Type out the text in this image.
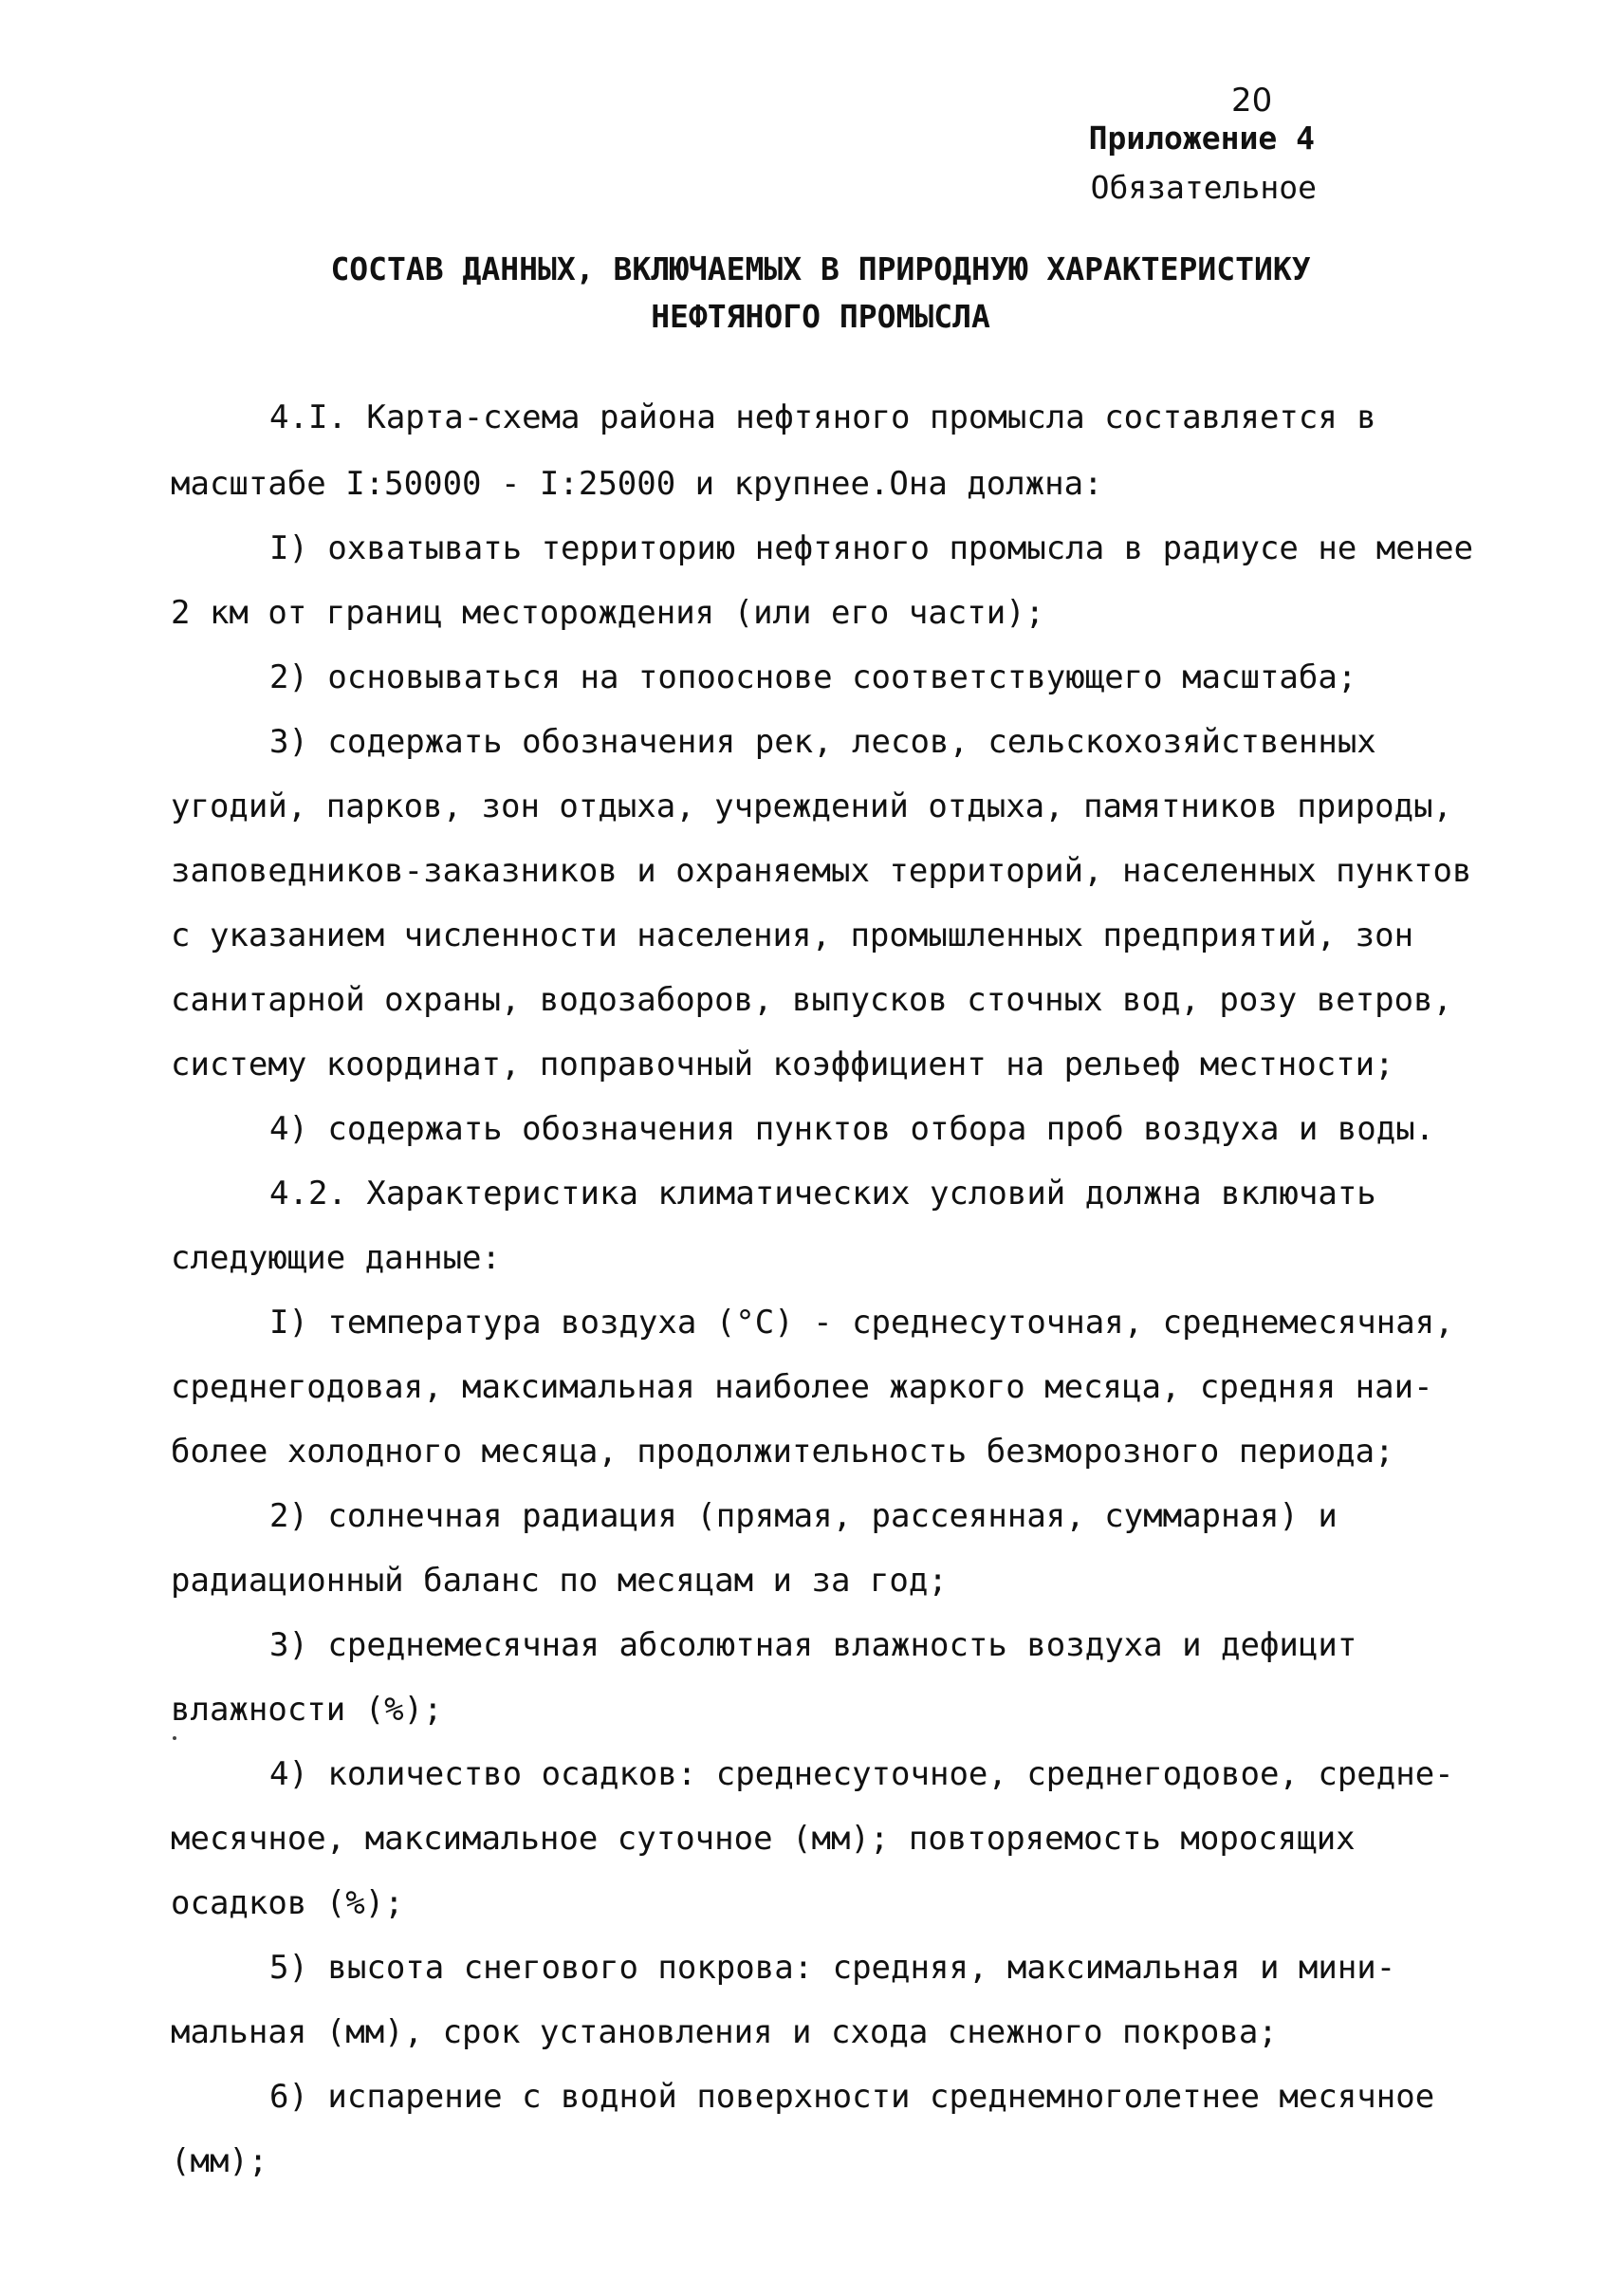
20
Приложение 4
Обязательное
СОСТАВ ДАННЫХ, ВКЛЮЧАЕМЫХ В ПРИРОДНУЮ ХАРАКТЕРИСТИКУ
НЕФТЯНОГО ПРОМЫСЛА
4.I. Карта-схема района нефтяного промысла составляется в
масштабе I:50000 - I:25000 и крупнее.Она должна:
I) охватывать территорию нефтяного промысла в радиусе не менее
2 км от границ месторождения (или его части);
2) основываться на топооснове соответствующего масштаба;
3) содержать обозначения рек, лесов, сельскохозяйственных
угодий, парков, зон отдыха, учреждений отдыха, памятников природы,
заповедников-заказников и охраняемых территорий, населенных пунктов
с указанием численности населения, промышленных предприятий, зон
санитарной охраны, водозаборов, выпусков сточных вод, розу ветров,
систему координат, поправочный коэффициент на рельеф местности;
4) содержать обозначения пунктов отбора проб воздуха и воды.
4.2. Характеристика климатических условий должна включать
следующие данные:
I) температура воздуха (°C) - среднесуточная, среднемесячная,
среднегодовая, максимальная наиболее жаркого месяца, средняя наи-
более холодного месяца, продолжительность безморозного периода;
2) солнечная радиация (прямая, рассеянная, суммарная) и
радиационный баланс по месяцам и за год;
3) среднемесячная абсолютная влажность воздуха и дефицит
влажности (%);
4) количество осадков: среднесуточное, среднегодовое, средне-
месячное, максимальное суточное (мм); повторяемость моросящих
осадков (%);
5) высота снегового покрова: средняя, максимальная и мини-
мальная (мм), срок установления и схода снежного покрова;
6) испарение с водной поверхности среднемноголетнее месячное
(мм);
